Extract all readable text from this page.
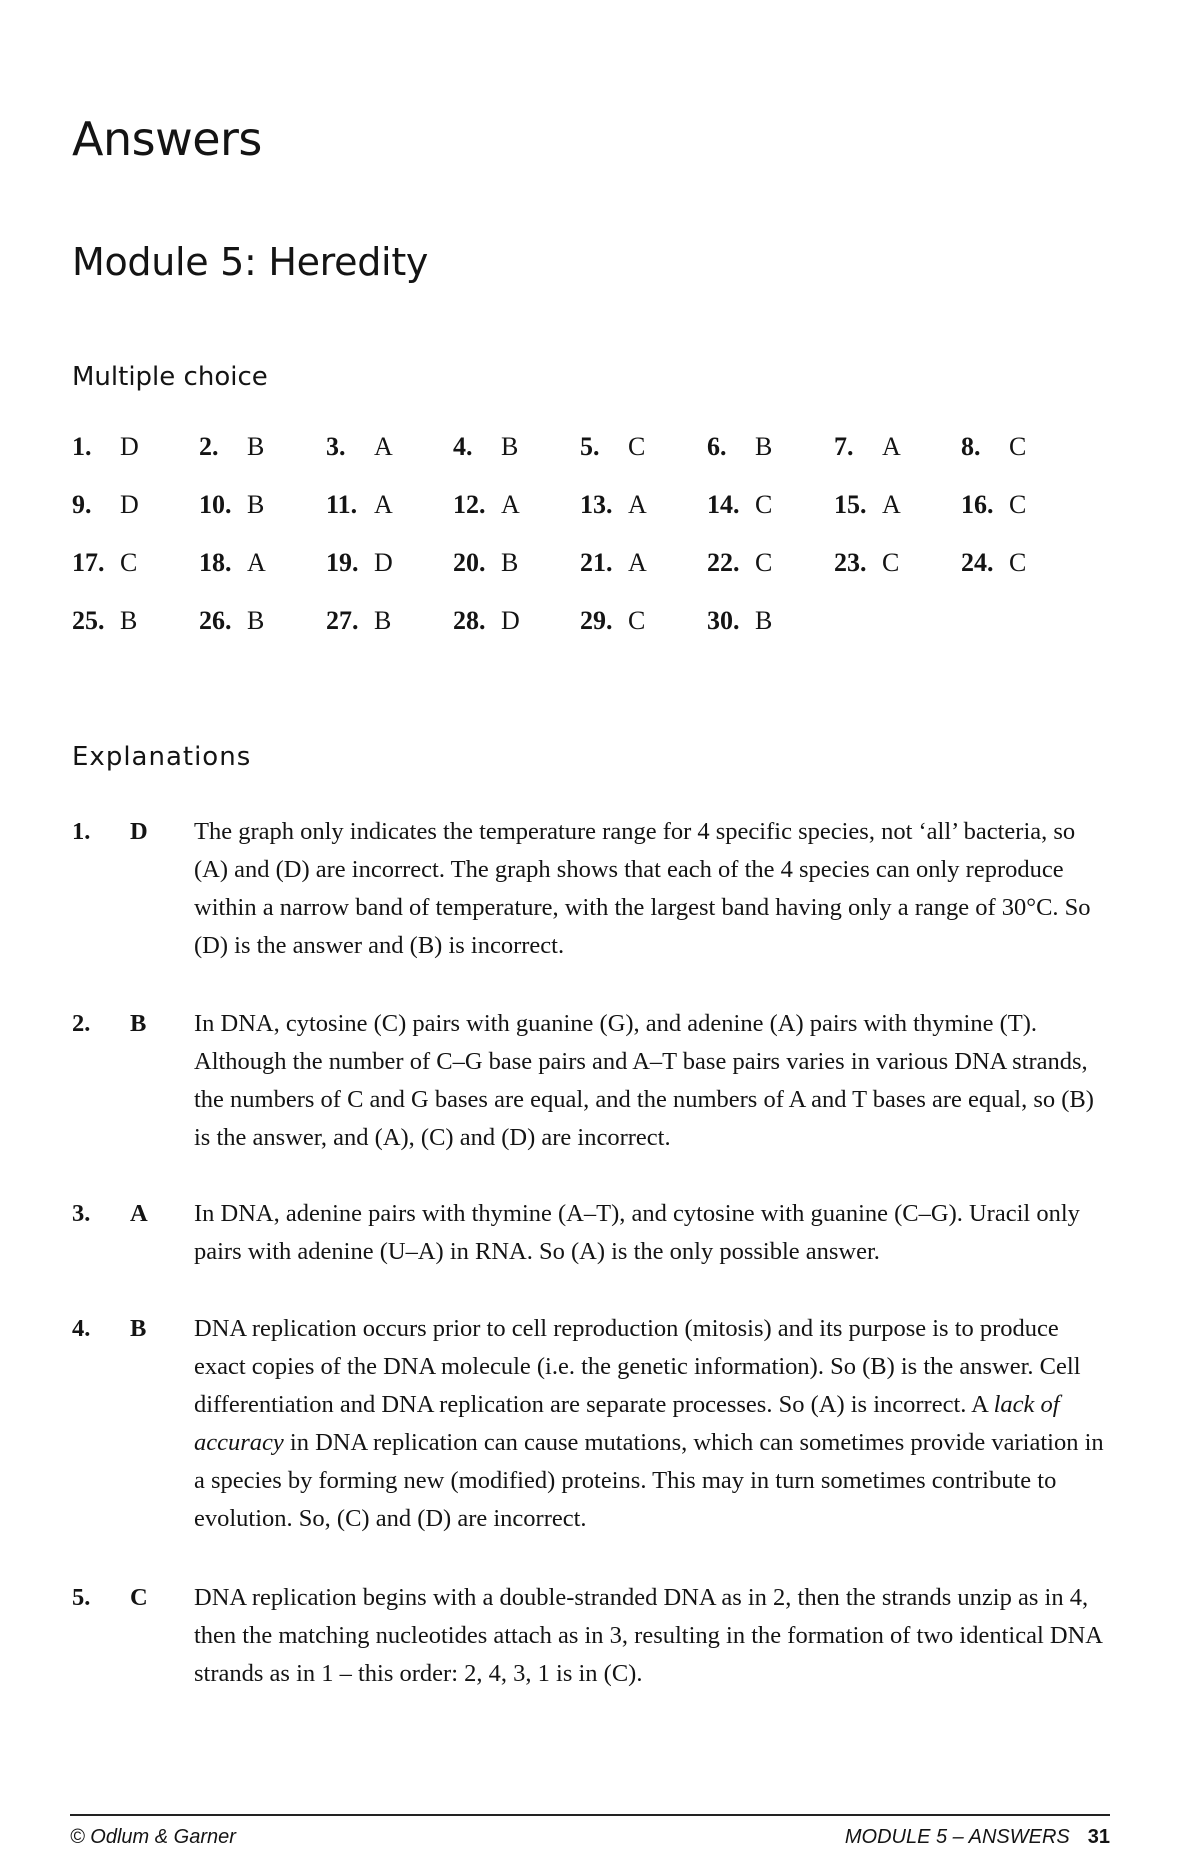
Answers
Module 5: Heredity
Multiple choice
1. D	2. B	3. A	4. B	5. C	6. B	7. A	8. C
9. D	10. B	11. A	12. A	13. A	14. C	15. A	16. C
17. C	18. A	19. D	20. B	21. A	22. C	23. C	24. C
25. B	26. B	27. B	28. D	29. C	30. B
Explanations
1.	D	The graph only indicates the temperature range for 4 specific species, not ‘all’ bacteria, so (A) and (D) are incorrect. The graph shows that each of the 4 species can only reproduce within a narrow band of temperature, with the largest band having only a range of 30°C. So (D) is the answer and (B) is incorrect.

2.	B	In DNA, cytosine (C) pairs with guanine (G), and adenine (A) pairs with thymine (T). Although the number of C–G base pairs and A–T base pairs varies in various DNA strands, the numbers of C and G bases are equal, and the numbers of A and T bases are equal, so (B) is the answer, and (A), (C) and (D) are incorrect.

3.	A	In DNA, adenine pairs with thymine (A–T), and cytosine with guanine (C–G). Uracil only pairs with adenine (U–A) in RNA. So (A) is the only possible answer.

4.	B	DNA replication occurs prior to cell reproduction (mitosis) and its purpose is to produce exact copies of the DNA molecule (i.e. the genetic information). So (B) is the answer. Cell differentiation and DNA replication are separate processes. So (A) is incorrect. A lack of accuracy in DNA replication can cause mutations, which can sometimes provide variation in a species by forming new (modified) proteins. This may in turn sometimes contribute to evolution. So, (C) and (D) are incorrect.

5.	C	DNA replication begins with a double-stranded DNA as in 2, then the strands unzip as in 4, then the matching nucleotides attach as in 3, resulting in the formation of two identical DNA strands as in 1 – this order: 2, 4, 3, 1 is in (C).

© Odlum & Garner	MODULE 5 – ANSWERS 31
